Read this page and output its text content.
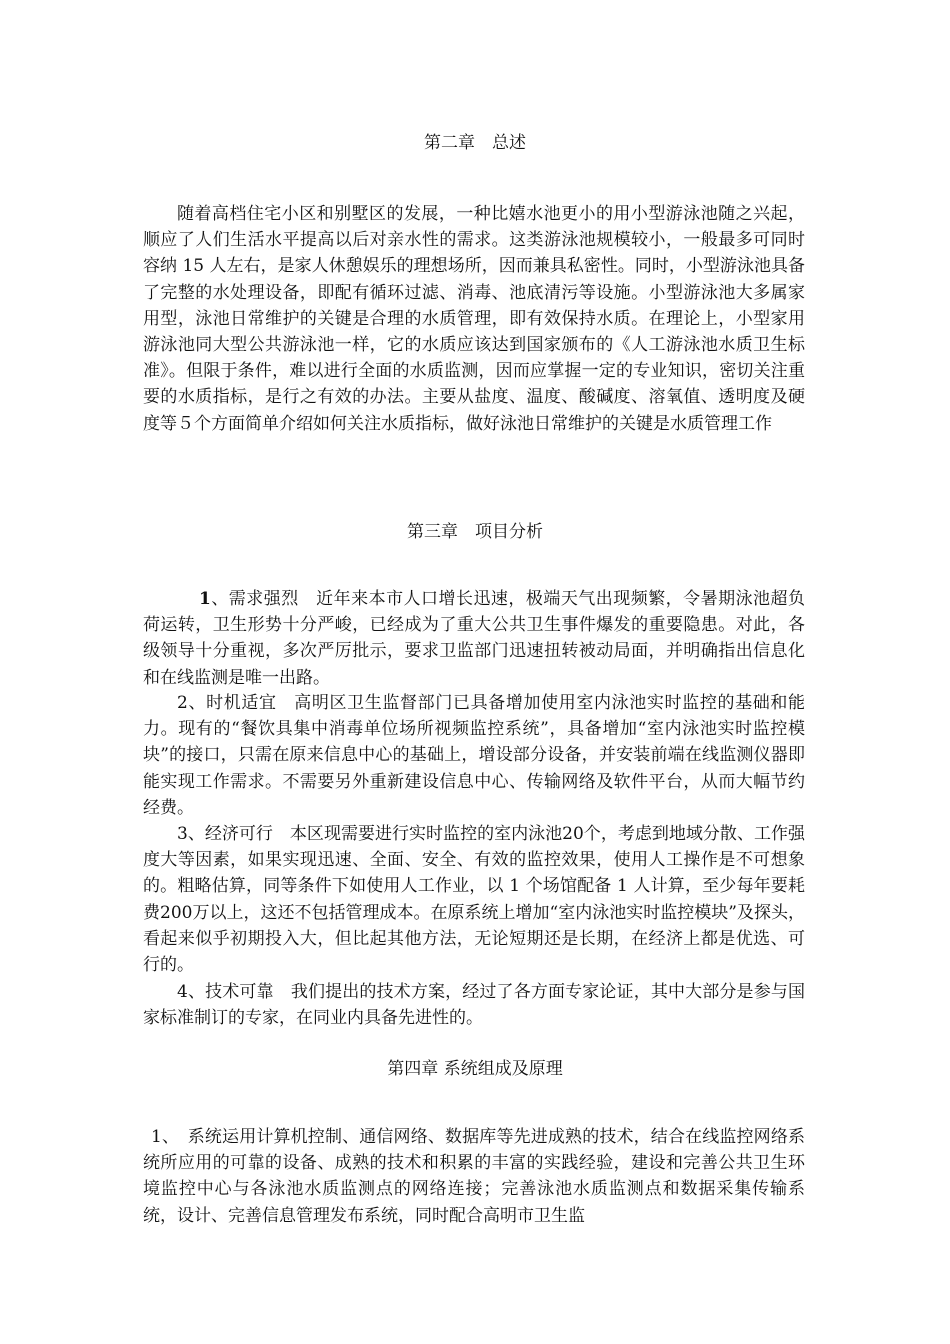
第二章　总述
随着高档住宅小区和别墅区的发展，一种比嬉水池更小的用小型游泳池随之兴起，顺应了人们生活水平提高以后对亲水性的需求。这类游泳池规模较小，一般最多可同时容纳 15 人左右，是家人休憩娱乐的理想场所，因而兼具私密性。同时，小型游泳池具备了完整的水处理设备，即配有循环过滤、消毒、池底清污等设施。小型游泳池大多属家用型，泳池日常维护的关键是合理的水质管理，即有效保持水质。在理论上，小型家用游泳池同大型公共游泳池一样，它的水质应该达到国家颁布的《人工游泳池水质卫生标准》。但限于条件，难以进行全面的水质监测，因而应掌握一定的专业知识，密切关注重要的水质指标，是行之有效的办法。主要从盐度、温度、酸碱度、溶氧值、透明度及硬度等５个方面简单介绍如何关注水质指标，做好泳池日常维护的关键是水质管理工作
第三章　项目分析
1、需求强烈　近年来本市人口增长迅速，极端天气出现频繁，令暑期泳池超负荷运转，卫生形势十分严峻，已经成为了重大公共卫生事件爆发的重要隐患。对此，各级领导十分重视，多次严厉批示，要求卫监部门迅速扭转被动局面，并明确指出信息化和在线监测是唯一出路。
2、时机适宜　高明区卫生监督部门已具备增加使用室内泳池实时监控的基础和能力。现有的“餐饮具集中消毒单位场所视频监控系统”，具备增加“室内泳池实时监控模块”的接口，只需在原来信息中心的基础上，增设部分设备，并安装前端在线监测仪器即能实现工作需求。不需要另外重新建设信息中心、传输网络及软件平台，从而大幅节约经费。
3、经济可行　本区现需要进行实时监控的室内泳池20个，考虑到地域分散、工作强度大等因素，如果实现迅速、全面、安全、有效的监控效果，使用人工操作是不可想象的。粗略估算，同等条件下如使用人工作业，以 1 个场馆配备 1 人计算，至少每年要耗费200万以上，这还不包括管理成本。在原系统上增加“室内泳池实时监控模块”及探头，看起来似乎初期投入大，但比起其他方法，无论短期还是长期，在经济上都是优选、可行的。
4、技术可靠　我们提出的技术方案，经过了各方面专家论证，其中大部分是参与国家标准制订的专家，在同业内具备先进性的。
第四章 系统组成及原理
1、　系统运用计算机控制、通信网络、数据库等先进成熟的技术，结合在线监控网络系统所应用的可靠的设备、成熟的技术和积累的丰富的实践经验，建设和完善公共卫生环境监控中心与各泳池水质监测点的网络连接；完善泳池水质监测点和数据采集传输系统，设计、完善信息管理发布系统，同时配合高明市卫生监
